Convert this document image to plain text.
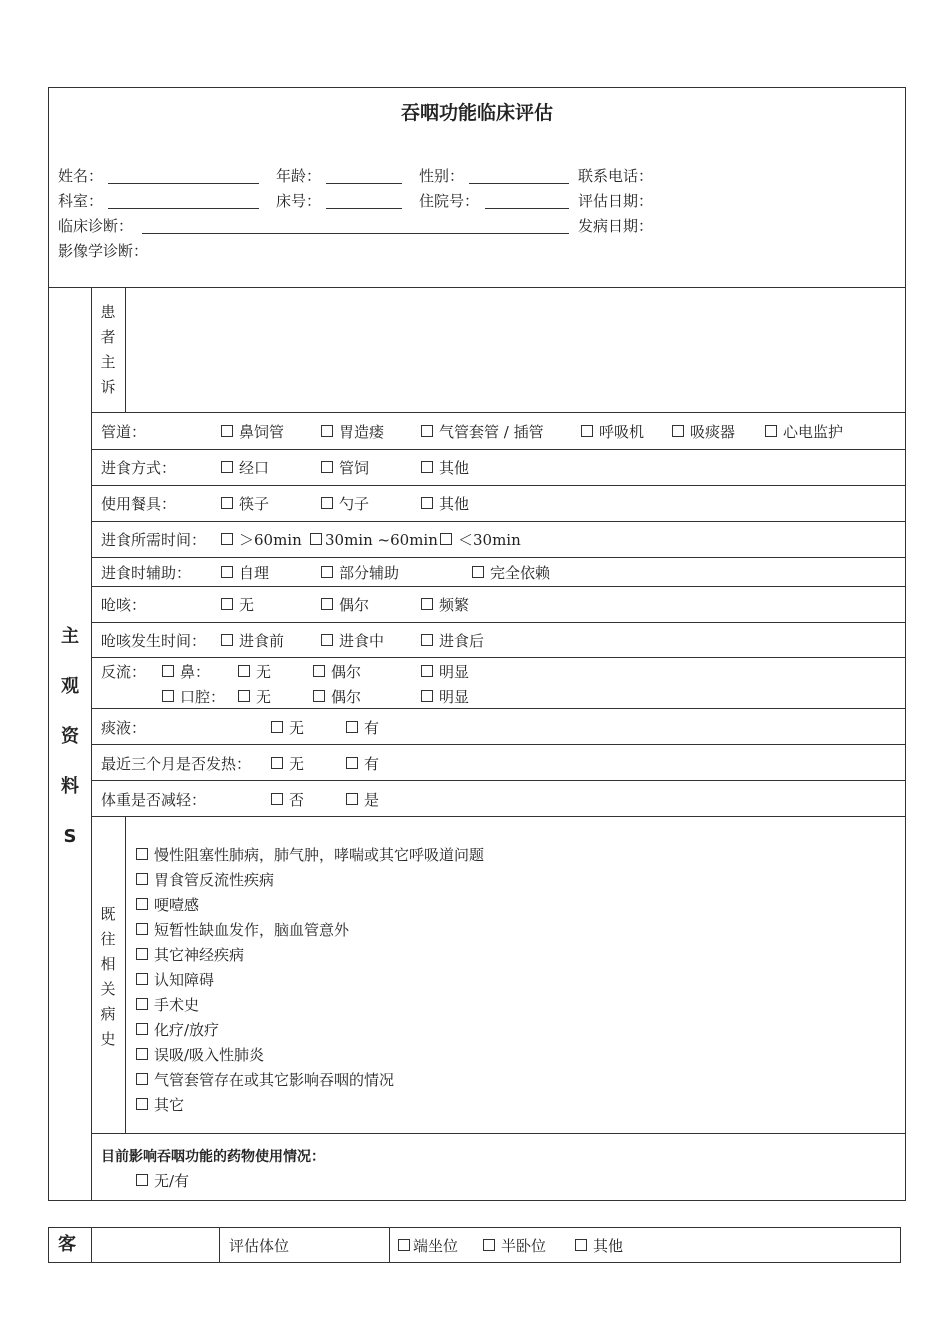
吞咽功能临床评估
姓名：	年龄：	性别：	联系电话：
科室：	床号：	住院号：	评估日期：
临床诊断：	发病日期：
影像学诊断：
主
观
资
料
S
患
者
主
诉
管道：	鼻饲管	胃造瘘	气管套管 / 插管	呼吸机	吸痰器	心电监护
进食方式：	经口	管饲	其他
使用餐具：	筷子	勺子	其他
进食所需时间：	＞60min	30min ~60min	＜30min
进食时辅助：	自理	部分辅助	完全依赖
呛咳：	无	偶尔	频繁
呛咳发生时间：	进食前	进食中	进食后
反流：	鼻：	无	偶尔	明显
口腔：	无	偶尔	明显
痰液：	无	有
最近三个月是否发热：	无	有
体重是否减轻：	否	是
既
往
相
关
病
史
慢性阻塞性肺病，肺气肿，哮喘或其它呼吸道问题
胃食管反流性疾病
哽噎感
短暂性缺血发作，脑血管意外
其它神经疾病
认知障碍
手术史
化疗/放疗
误吸/吸入性肺炎
气管套管存在或其它影响吞咽的情况
其它
目前影响吞咽功能的药物使用情况：
无/有
客	评估体位	端坐位	半卧位	其他
